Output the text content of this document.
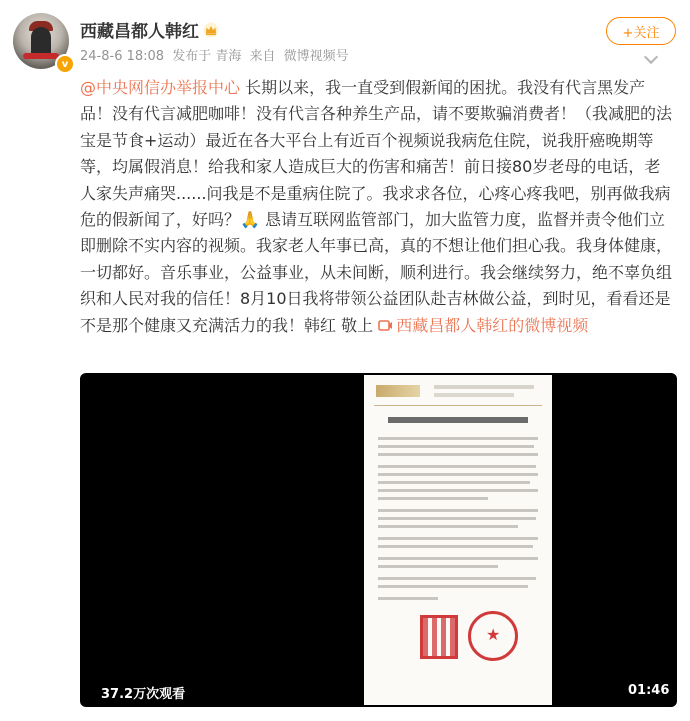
v
西藏昌都人韩红
24-8-6 18:08 发布于 青海 来自 微博视频号
+关注
@中央网信办举报中心 长期以来，我一直受到假新闻的困扰。我没有代言黑发产品！没有代言减肥咖啡！没有代言各种养生产品，请不要欺骗消费者！（我减肥的法宝是节食+运动）最近在各大平台上有近百个视频说我病危住院，说我肝癌晚期等等，均属假消息！给我和家人造成巨大的伤害和痛苦！前日接80岁老母的电话，老人家失声痛哭......问我是不是重病住院了。我求求各位，心疼心疼我吧，别再做我病危的假新闻了，好吗？🙏 恳请互联网监管部门，加大监管力度，监督并责令他们立即删除不实内容的视频。我家老人年事已高，真的不想让他们担心我。我身体健康，一切都好。音乐事业，公益事业，从未间断，顺利进行。我会继续努力，绝不辜负组织和人民对我的信任！8月10日我将带领公益团队赴吉林做公益，到时见，看看还是不是那个健康又充满活力的我！韩红 敬上 西藏昌都人韩红的微博视频
★
37.2万次观看	01:46
